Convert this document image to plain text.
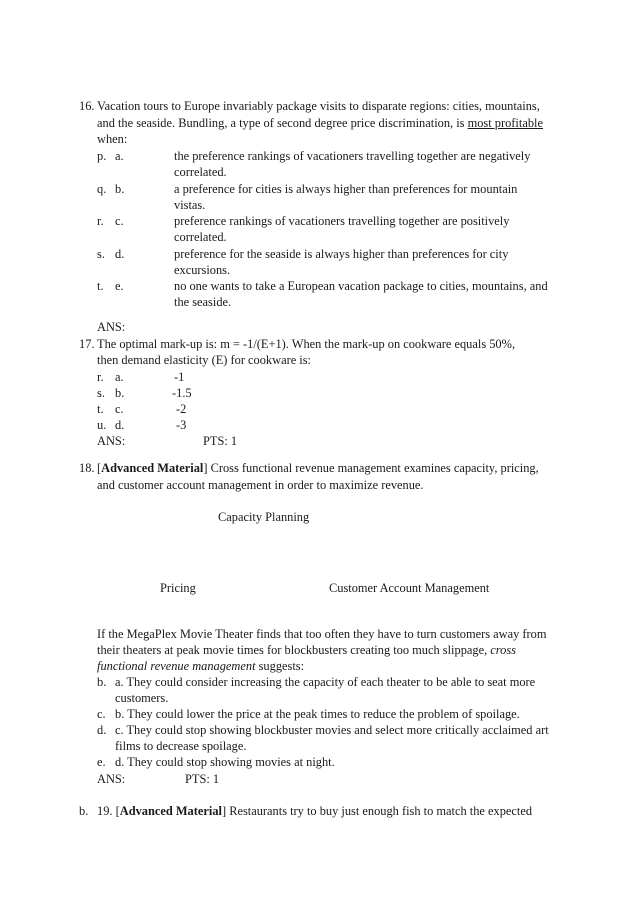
16. Vacation tours to Europe invariably package visits to disparate regions: cities, mountains,
and the seaside. Bundling, a type of second degree price discrimination, is most profitable
when:
p. a.	the preference rankings of vacationers travelling together are negatively
correlated.
q. b.	a preference for cities is always higher than preferences for mountain
vistas.
r. c.	preference rankings of vacationers travelling together are positively
correlated.
s. d.	preference for the seaside is always higher than preferences for city
excursions.
t. e.	no one wants to take a European vacation package to cities, mountains, and
the seaside.
ANS:
17. The optimal mark-up is: m = -1/(E+1). When the mark-up on cookware equals 50%,
then demand elasticity (E) for cookware is:
r. a.	-1
s. b.	-1.5
t. c.	-2
u. d.	-3
ANS:	PTS: 1
18. [Advanced Material] Cross functional revenue management examines capacity, pricing,
and customer account management in order to maximize revenue.
Capacity Planning
Pricing	Customer Account Management
If the MegaPlex Movie Theater finds that too often they have to turn customers away from
their theaters at peak movie times for blockbusters creating too much slippage, cross
functional revenue management suggests:
b. a. They could consider increasing the capacity of each theater to be able to seat more
customers.
c. b. They could lower the price at the peak times to reduce the problem of spoilage.
d. c. They could stop showing blockbuster movies and select more critically acclaimed art
films to decrease spoilage.
e. d. They could stop showing movies at night.
ANS:	PTS: 1
b. 19. [Advanced Material] Restaurants try to buy just enough fish to match the expected
